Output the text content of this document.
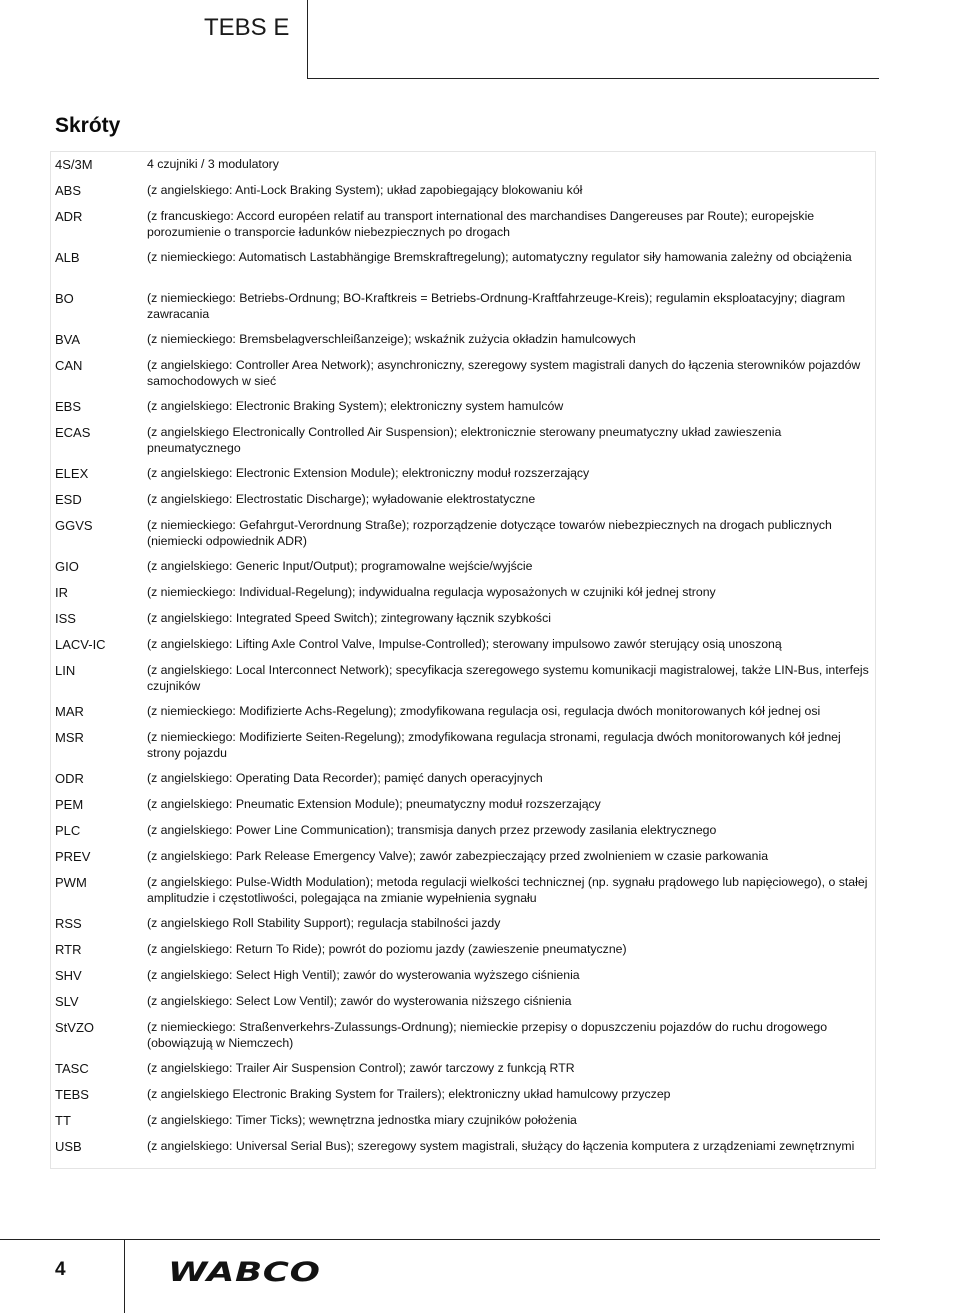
TEBS E
Skróty
4S/3M	4 czujniki / 3 modulatory
ABS	(z angielskiego: Anti-Lock Braking System); układ zapobiegający blokowaniu kół
ADR	(z francuskiego: Accord européen relatif au transport international des marchandises Dangereuses par Route); europejskie porozumienie o transporcie ładunków niebezpiecznych po drogach
ALB	(z niemieckiego: Automatisch Lastabhängige Bremskraftregelung); automatyczny regulator siły hamowania zależny od obciążenia
BO	(z niemieckiego: Betriebs-Ordnung; BO-Kraftkreis = Betriebs-Ordnung-Kraftfahrzeuge-Kreis); regulamin eksploatacyjny; diagram zawracania
BVA	(z niemieckiego: Bremsbelagverschleißanzeige); wskaźnik zużycia okładzin hamulcowych
CAN	(z angielskiego: Controller Area Network); asynchroniczny, szeregowy system magistrali danych do łączenia sterowników pojazdów samochodowych w sieć
EBS	(z angielskiego: Electronic Braking System); elektroniczny system hamulców
ECAS	(z angielskiego Electronically Controlled Air Suspension); elektronicznie sterowany pneumatyczny układ zawieszenia pneumatycznego
ELEX	(z angielskiego: Electronic Extension Module); elektroniczny moduł rozszerzający
ESD	(z angielskiego: Electrostatic Discharge); wyładowanie elektrostatyczne
GGVS	(z niemieckiego: Gefahrgut-Verordnung Straße); rozporządzenie dotyczące towarów niebezpiecznych na drogach publicznych (niemiecki odpowiednik ADR)
GIO	(z angielskiego: Generic Input/Output); programowalne wejście/wyjście
IR	(z niemieckiego: Individual-Regelung); indywidualna regulacja wyposażonych w czujniki kół jednej strony
ISS	(z angielskiego: Integrated Speed Switch); zintegrowany łącznik szybkości
LACV-IC	(z angielskiego: Lifting Axle Control Valve, Impulse-Controlled); sterowany impulsowo zawór sterujący osią unoszoną
LIN	(z angielskiego: Local Interconnect Network); specyfikacja szeregowego systemu komunikacji magistralowej, także LIN-Bus, interfejs czujników
MAR	(z niemieckiego: Modifizierte Achs-Regelung); zmodyfikowana regulacja osi, regulacja dwóch monitorowanych kół jednej osi
MSR	(z niemieckiego: Modifizierte Seiten-Regelung); zmodyfikowana regulacja stronami, regulacja dwóch monitorowanych kół jednej strony pojazdu
ODR	(z angielskiego: Operating Data Recorder); pamięć danych operacyjnych
PEM	(z angielskiego: Pneumatic Extension Module); pneumatyczny moduł rozszerzający
PLC	(z angielskiego: Power Line Communication); transmisja danych przez przewody zasilania elektrycznego
PREV	(z angielskiego: Park Release Emergency Valve); zawór zabezpieczający przed zwolnieniem w czasie parkowania
PWM	(z angielskiego: Pulse-Width Modulation); metoda regulacji wielkości technicznej (np. sygnału prądowego lub napięciowego), o stałej amplitudzie i częstotliwości, polegająca na zmianie wypełnienia sygnału
RSS	(z angielskiego Roll Stability Support); regulacja stabilności jazdy
RTR	(z angielskiego: Return To Ride); powrót do poziomu jazdy (zawieszenie pneumatyczne)
SHV	(z angielskiego: Select High Ventil); zawór do wysterowania wyższego ciśnienia
SLV	(z angielskiego: Select Low Ventil); zawór do wysterowania niższego ciśnienia
StVZO	(z niemieckiego: Straßenverkehrs-Zulassungs-Ordnung); niemieckie przepisy o dopuszczeniu pojazdów do ruchu drogowego (obowiązują w Niemczech)
TASC	(z angielskiego: Trailer Air Suspension Control); zawór tarczowy z funkcją RTR
TEBS	(z angielskiego Electronic Braking System for Trailers); elektroniczny układ hamulcowy przyczep
TT	(z angielskiego: Timer Ticks); wewnętrzna jednostka miary czujników położenia
USB	(z angielskiego: Universal Serial Bus); szeregowy system magistrali, służący do łączenia komputera z urządzeniami zewnętrznymi
4	WABCO
